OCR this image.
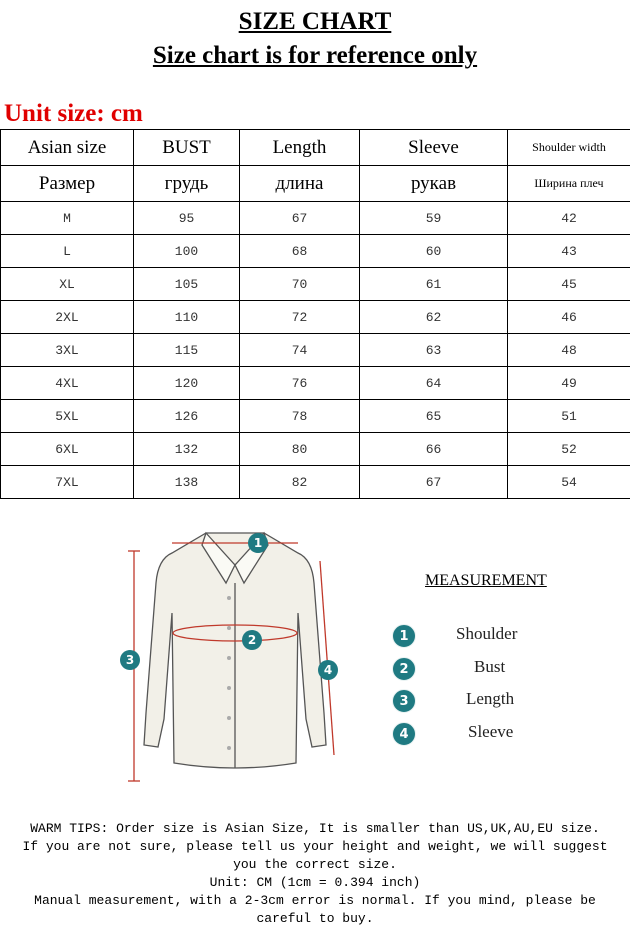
SIZE CHART
Size chart is for reference only
Unit size: cm
Asian size	BUST	Length	Sleeve	Shoulder width
Размер	грудь	длина	рукав	Ширина плеч
M	95	67	59	42
L	100	68	60	43
XL	105	70	61	45
2XL	110	72	62	46
3XL	115	74	63	48
4XL	120	76	64	49
5XL	126	78	65	51
6XL	132	80	66	52
7XL	138	82	67	54
1
2
3
4
MEASUREMENT
1	Shoulder
2	Bust
3	Length
4	Sleeve
WARM TIPS: Order size is Asian Size, It is smaller than US,UK,AU,EU size.
If you are not sure, please tell us your height and weight, we will suggest
you the correct size.
Unit: CM (1cm = 0.394 inch)
Manual measurement, with a 2-3cm error is normal. If you mind, please be
careful to buy.
